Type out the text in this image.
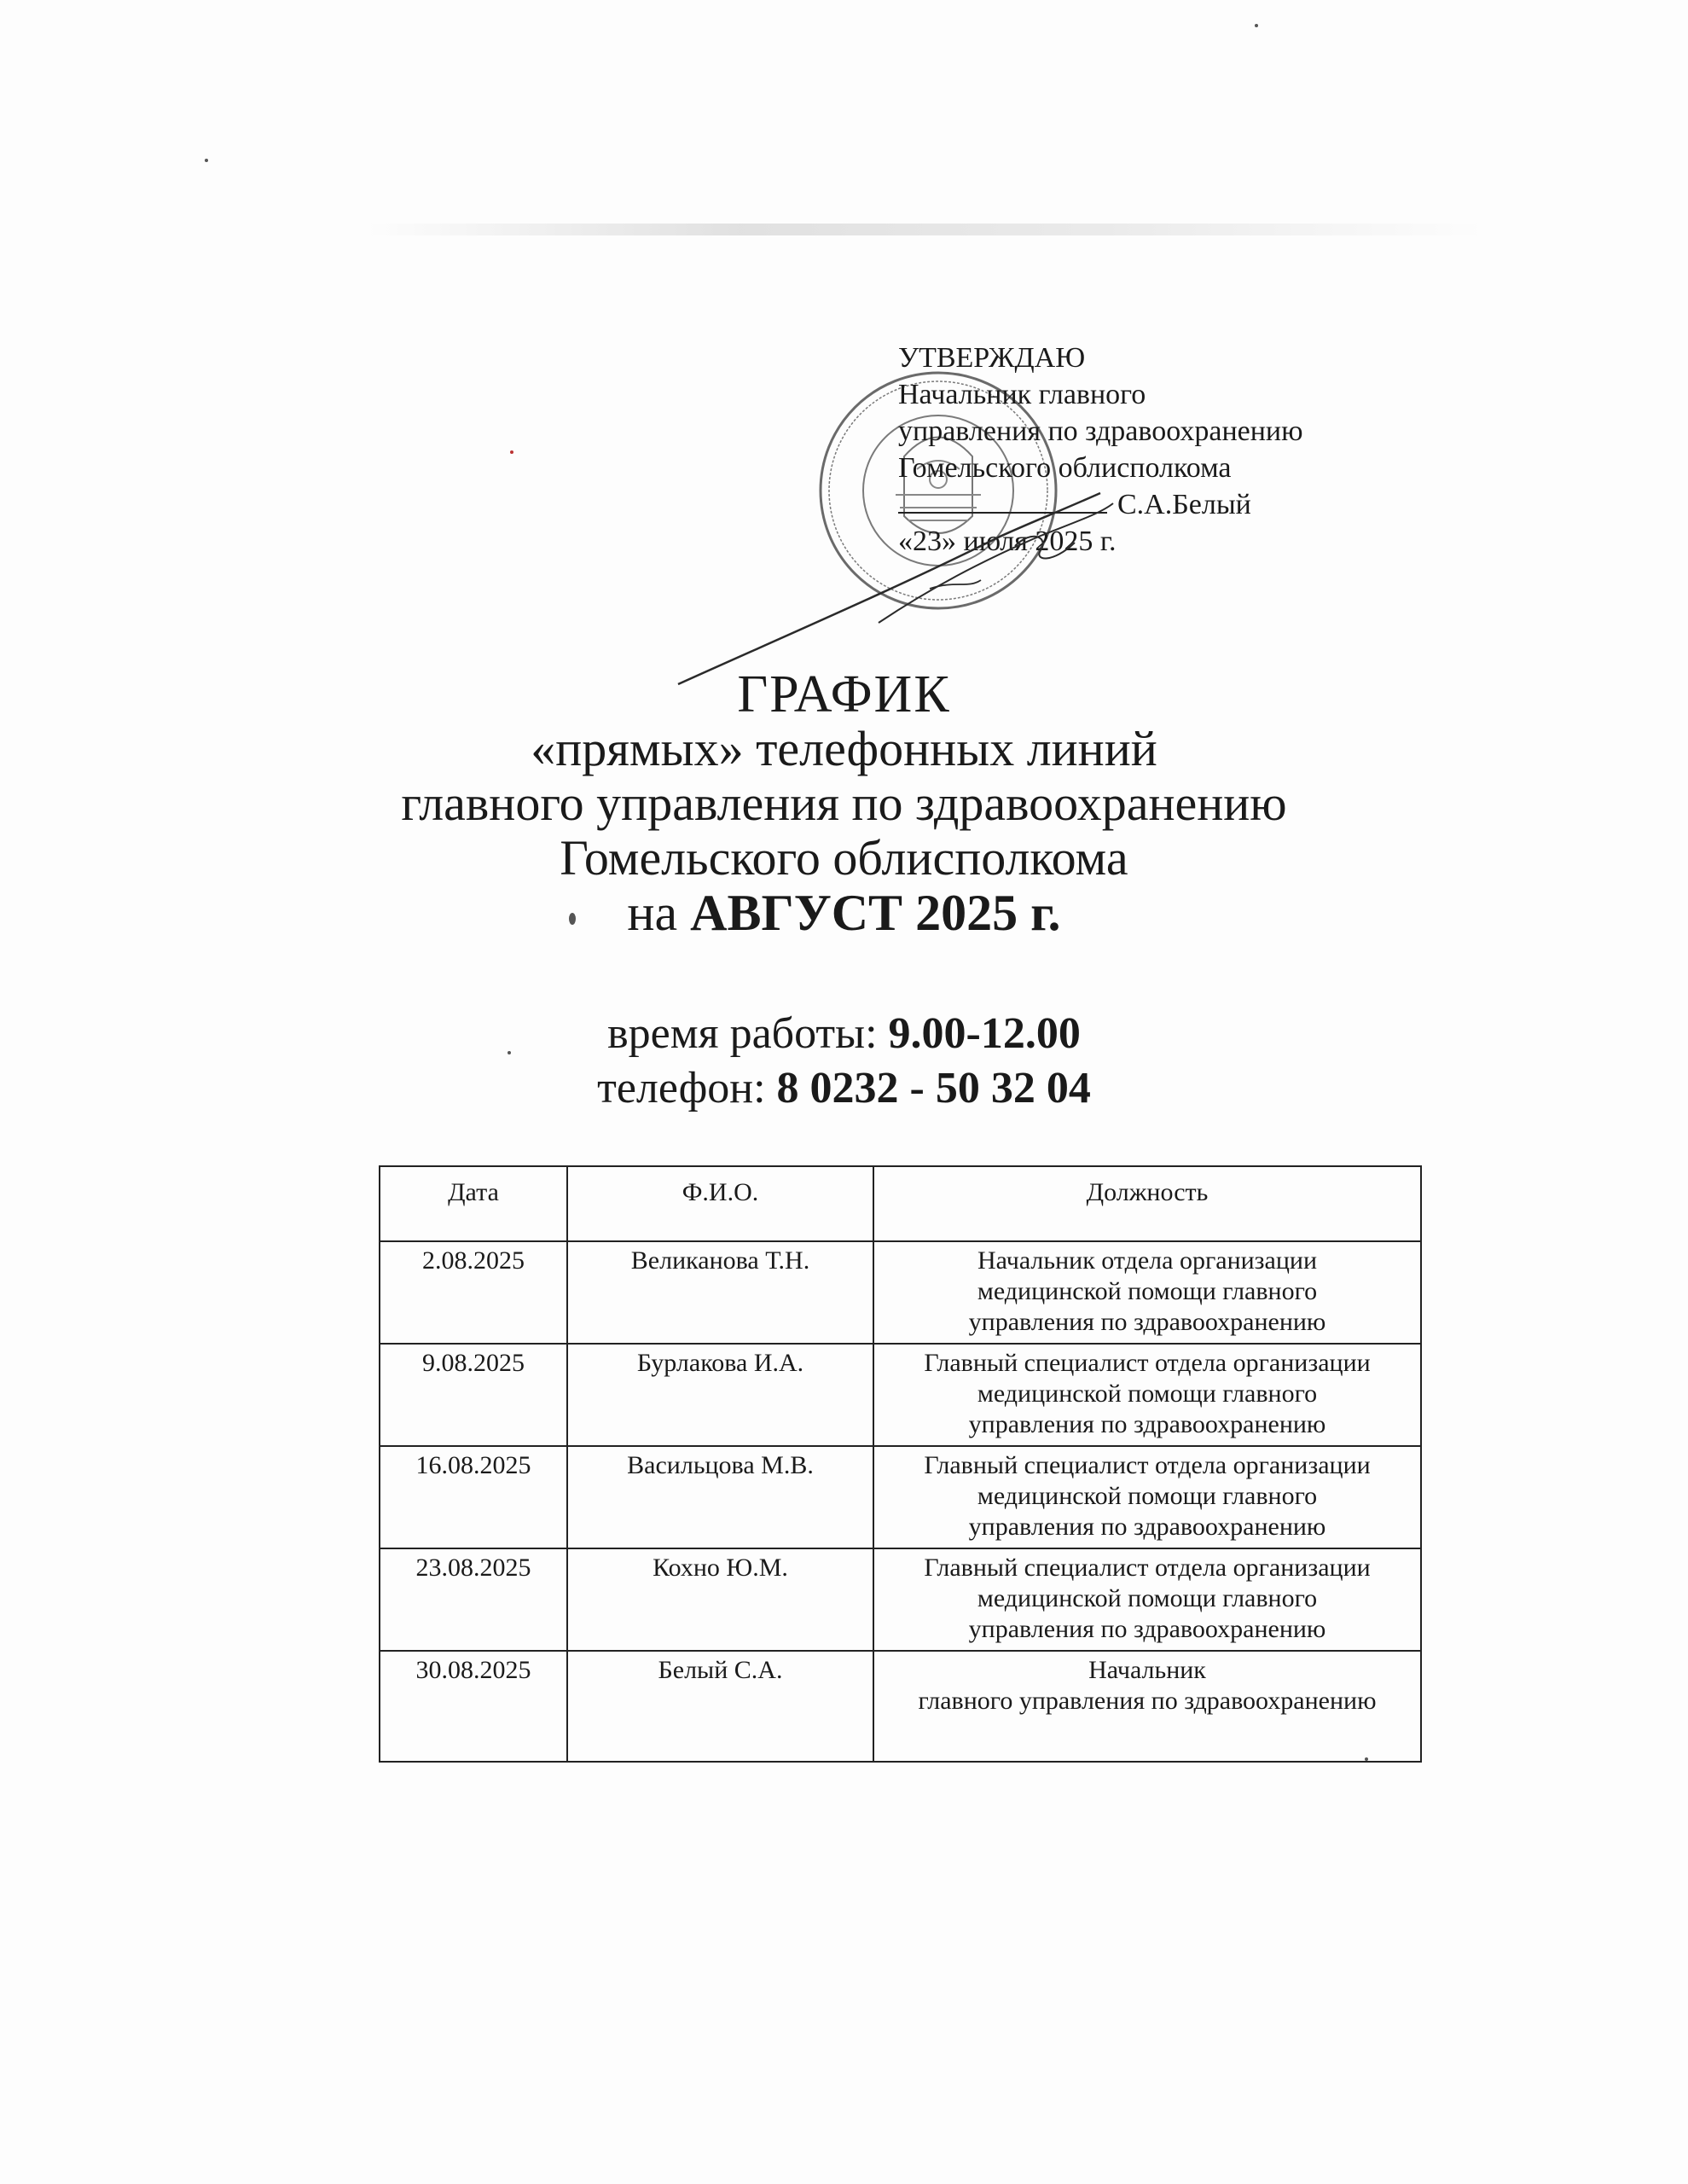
УТВЕРЖДАЮ
Начальник главного
управления по здравоохранению
Гомельского облисполкома
С.А.Белый
«23» июля 2025 г.
ГРАФИК
«прямых» телефонных линий
главного управления по здравоохранению
Гомельского облисполкома
на АВГУСТ 2025 г.
время работы: 9.00-12.00
телефон: 8 0232 - 50 32 04
Дата	Ф.И.О.	Должность
2.08.2025	Великанова Т.Н.	Начальник отдела организации
медицинской помощи главного
управления по здравоохранению

9.08.2025	Бурлакова И.А.	Главный специалист отдела организации
медицинской помощи главного
управления по здравоохранению

16.08.2025	Васильцова М.В.	Главный специалист отдела организации
медицинской помощи главного
управления по здравоохранению

23.08.2025	Кохно Ю.М.	Главный специалист отдела организации
медицинской помощи главного
управления по здравоохранению

30.08.2025	Белый С.А.	Начальник
главного управления по здравоохранению
